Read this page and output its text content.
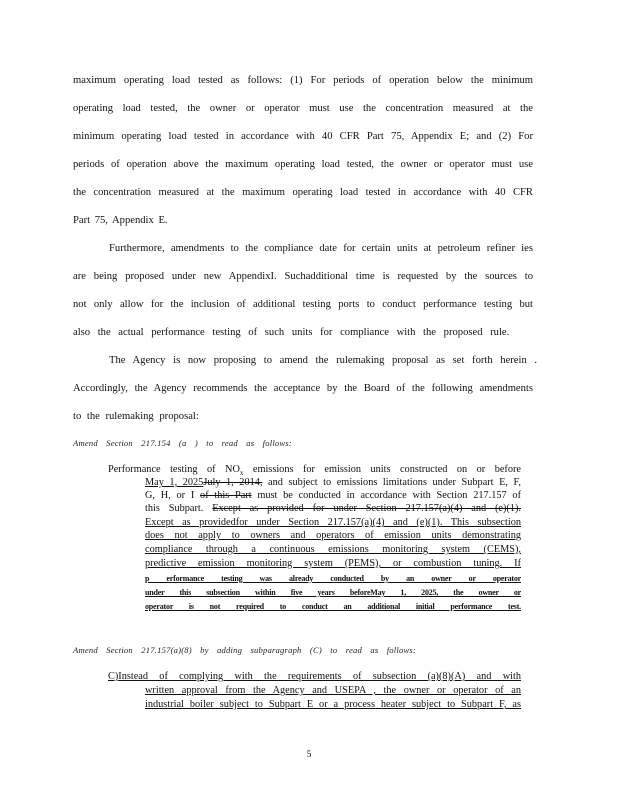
maximum operating load tested as follows: (1) For periods of operation below the minimum
operating load tested, the owner or operator must use the concentration measured at the
minimum operating load tested in accordance with 40 CFR Part 75, Appendix E; and (2) For
periods of operation above the maximum operating load tested, the owner or operator must use
the concentration measured at the maximum operating load tested in accordance with 40 CFR
Part 75, Appendix E.
Furthermore, amendments to the compliance date for certain units at petroleum refiner ies
are being proposed under new AppendixI. Suchadditional time is requested by the sources to
not only allow for the inclusion of additional testing ports to conduct performance testing but
also the actual performance testing of such units for compliance with the proposed rule.
The Agency is now proposing to amend the rulemaking proposal as set forth herein .
Accordingly, the Agency recommends the acceptance by the Board of the following amendments
to the rulemaking proposal:
Amend Section 217.154 (a ) to read as follows:
Performance testing of $NO_x$ emissions for emission units constructed on or before
May 1, 2025July 1, 2014, and subject to emissions limitations under Subpart E, F,
G, H, or I of this Part must be conducted in accordance with Section 217.157 of
this Subpart. Except as provided for under Section 217.157(a)(4) and (e)(1).
Except as providedfor under Section 217.157(a)(4) and (e)(1). This subsection
does not apply to owners and operators of emission units demonstrating
compliance through a continuous emissions monitoring system (CEMS),
predictive emission monitoring system (PEMS), or combustion tuning. If
p erformance testing was already conducted by an owner or operator
under this subsection within five years beforeMay 1, 2025, the owner or
operator is not required to conduct an additional initial performance test.
Amend Section 217.157(a)(8) by adding subparagraph (C) to read as follows:
C)Instead of complying with the requirements of subsection (a)(8)(A) and with
written approval from the Agency and USEPA , the owner or operator of an
industrial boiler subject to Subpart E or a process heater subject to Subpart F, as
5
